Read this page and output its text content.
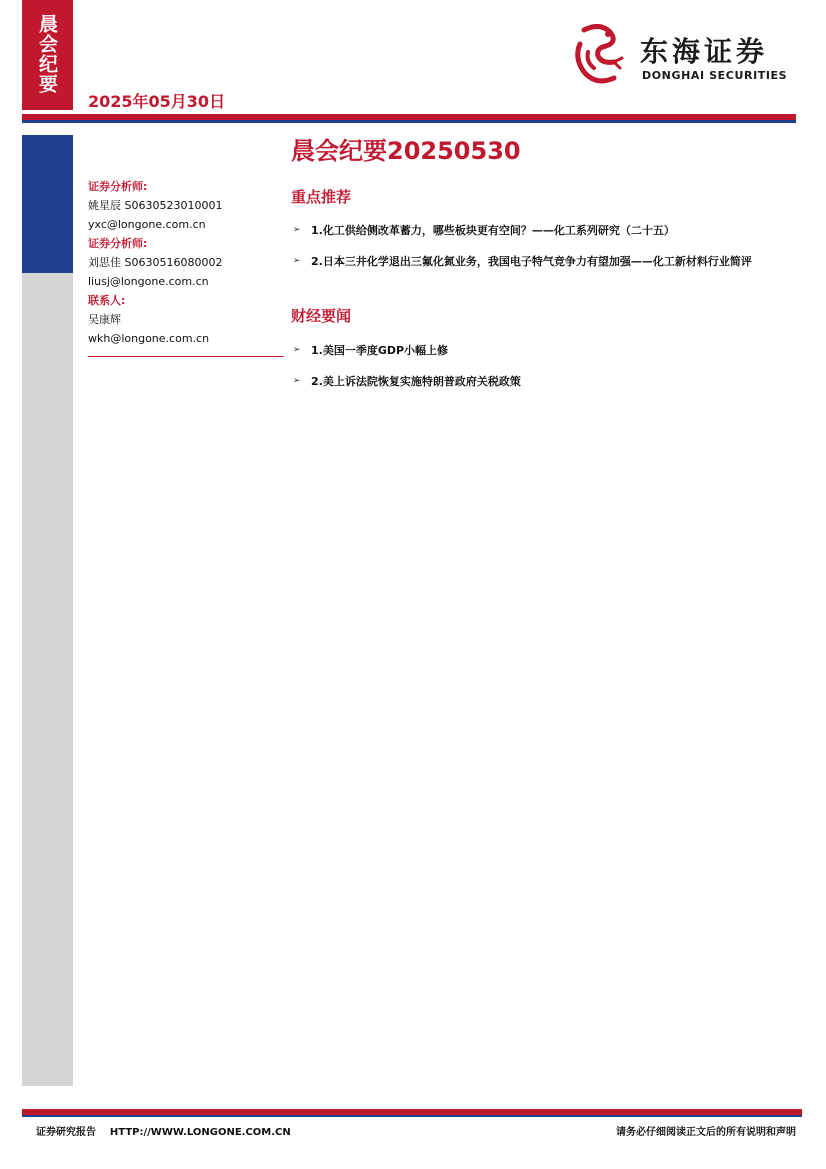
晨会纪要
2025年05月30日
东海证券
DONGHAI SECURITIES
证券分析师:
姚星辰 S0630523010001
yxc@longone.com.cn
证券分析师:
刘思佳 S0630516080002
liusj@longone.com.cn
联系人:
吴康辉
wkh@longone.com.cn
晨会纪要20250530
重点推荐
➢ 1.化工供给侧改革蓄力，哪些板块更有空间？——化工系列研究（二十五）
➢ 2.日本三井化学退出三氟化氮业务，我国电子特气竞争力有望加强——化工新材料行业简评
财经要闻
➢ 1.美国一季度GDP小幅上修
➢ 2.美上诉法院恢复实施特朗普政府关税政策
证券研究报告    HTTP://WWW.LONGONE.COM.CN	请务必仔细阅读正文后的所有说明和声明
